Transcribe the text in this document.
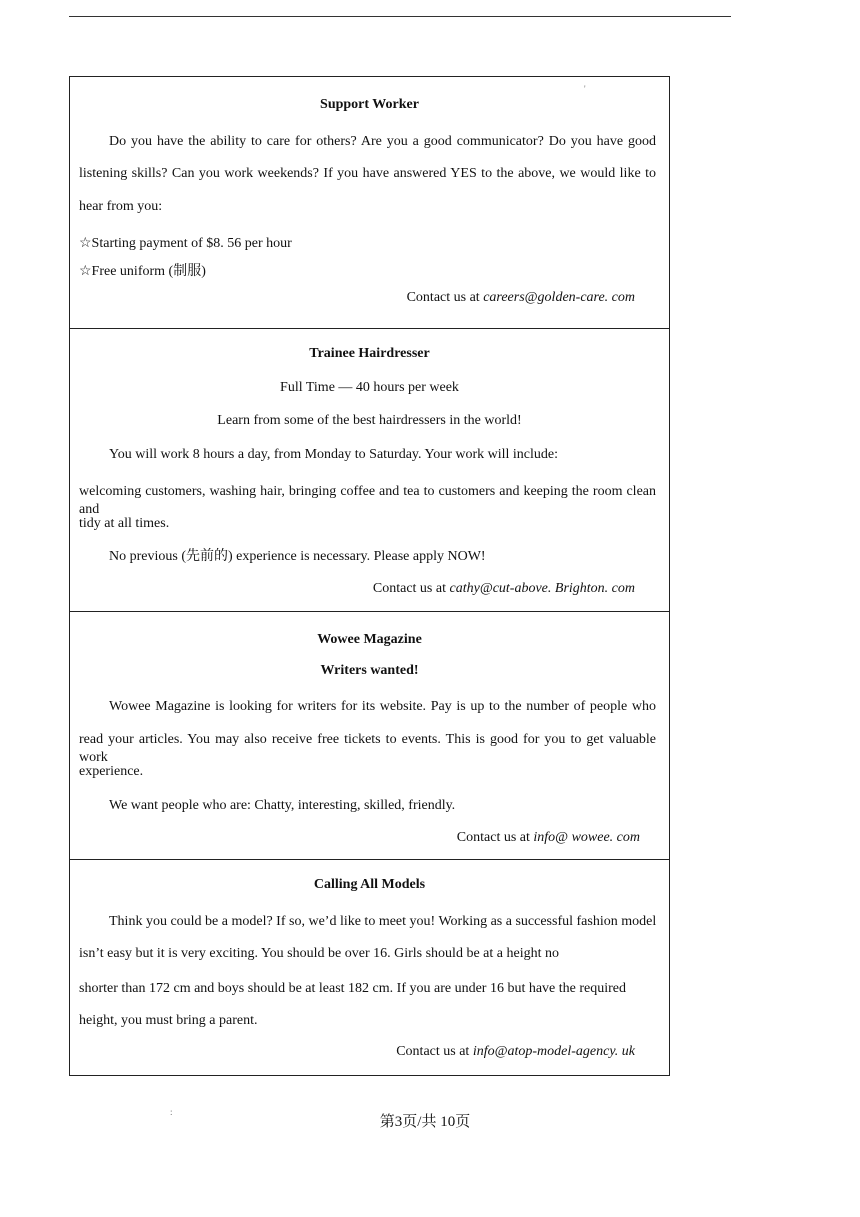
'
Support Worker
Do you have the ability to care for others? Are you a good communicator? Do you have good
listening skills? Can you work weekends? If you have answered YES to the above, we would like to
hear from you:
☆Starting payment of $8. 56 per hour
☆Free uniform (制服)
Contact us at careers@golden-care. com
Trainee Hairdresser
Full Time — 40 hours per week
Learn from some of the best hairdressers in the world!
You will work 8 hours a day, from Monday to Saturday. Your work will include:
welcoming customers, washing hair, bringing coffee and tea to customers and keeping the room clean and
tidy at all times.
No previous (先前的) experience is necessary. Please apply NOW!
Contact us at cathy@cut-above. Brighton. com
Wowee Magazine
Writers wanted!
Wowee Magazine is looking for writers for its website. Pay is up to the number of people who
read your articles. You may also receive free tickets to events. This is good for you to get valuable work
experience.
We want people who are: Chatty, interesting, skilled, friendly.
Contact us at info@ wowee. com
Calling All Models
Think you could be a model? If so, we’d like to meet you! Working as a successful fashion model
isn’t easy but it is very exciting. You should be over 16. Girls should be at a height no
shorter than 172 cm and boys should be at least 182 cm. If you are under 16 but have the required
height, you must bring a parent.
Contact us at info@atop-model-agency. uk
:
第3页/共 10页
